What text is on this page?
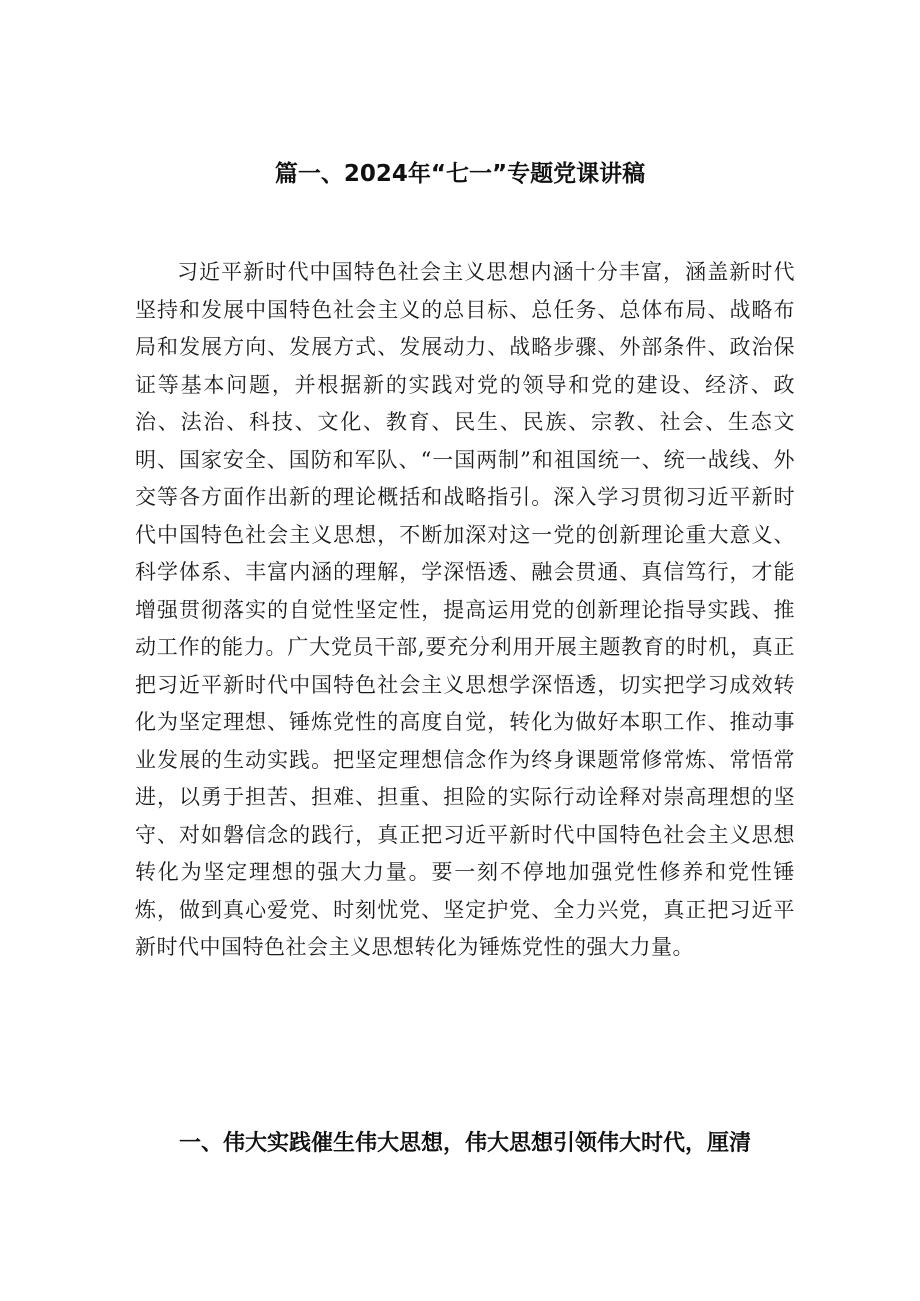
篇一、2024年“七一”专题党课讲稿

习近平新时代中国特色社会主义思想内涵十分丰富，涵盖新时代坚持和发展中国特色社会主义的总目标、总任务、总体布局、战略布局和发展方向、发展方式、发展动力、战略步骤、外部条件、政治保证等基本问题，并根据新的实践对党的领导和党的建设、经济、政治、法治、科技、文化、教育、民生、民族、宗教、社会、生态文明、国家安全、国防和军队、“一国两制”和祖国统一、统一战线、外交等各方面作出新的理论概括和战略指引。深入学习贯彻习近平新时代中国特色社会主义思想，不断加深对这一党的创新理论重大意义、科学体系、丰富内涵的理解，学深悟透、融会贯通、真信笃行，才能增强贯彻落实的自觉性坚定性，提高运用党的创新理论指导实践、推动工作的能力。广大党员干部,要充分利用开展主题教育的时机，真正把习近平新时代中国特色社会主义思想学深悟透，切实把学习成效转化为坚定理想、锤炼党性的高度自觉，转化为做好本职工作、推动事业发展的生动实践。把坚定理想信念作为终身课题常修常炼、常悟常进，以勇于担苦、担难、担重、担险的实际行动诠释对崇高理想的坚守、对如磐信念的践行，真正把习近平新时代中国特色社会主义思想转化为坚定理想的强大力量。要一刻不停地加强党性修养和党性锤炼，做到真心爱党、时刻忧党、坚定护党、全力兴党，真正把习近平新时代中国特色社会主义思想转化为锤炼党性的强大力量。

一、伟大实践催生伟大思想，伟大思想引领伟大时代，厘清
